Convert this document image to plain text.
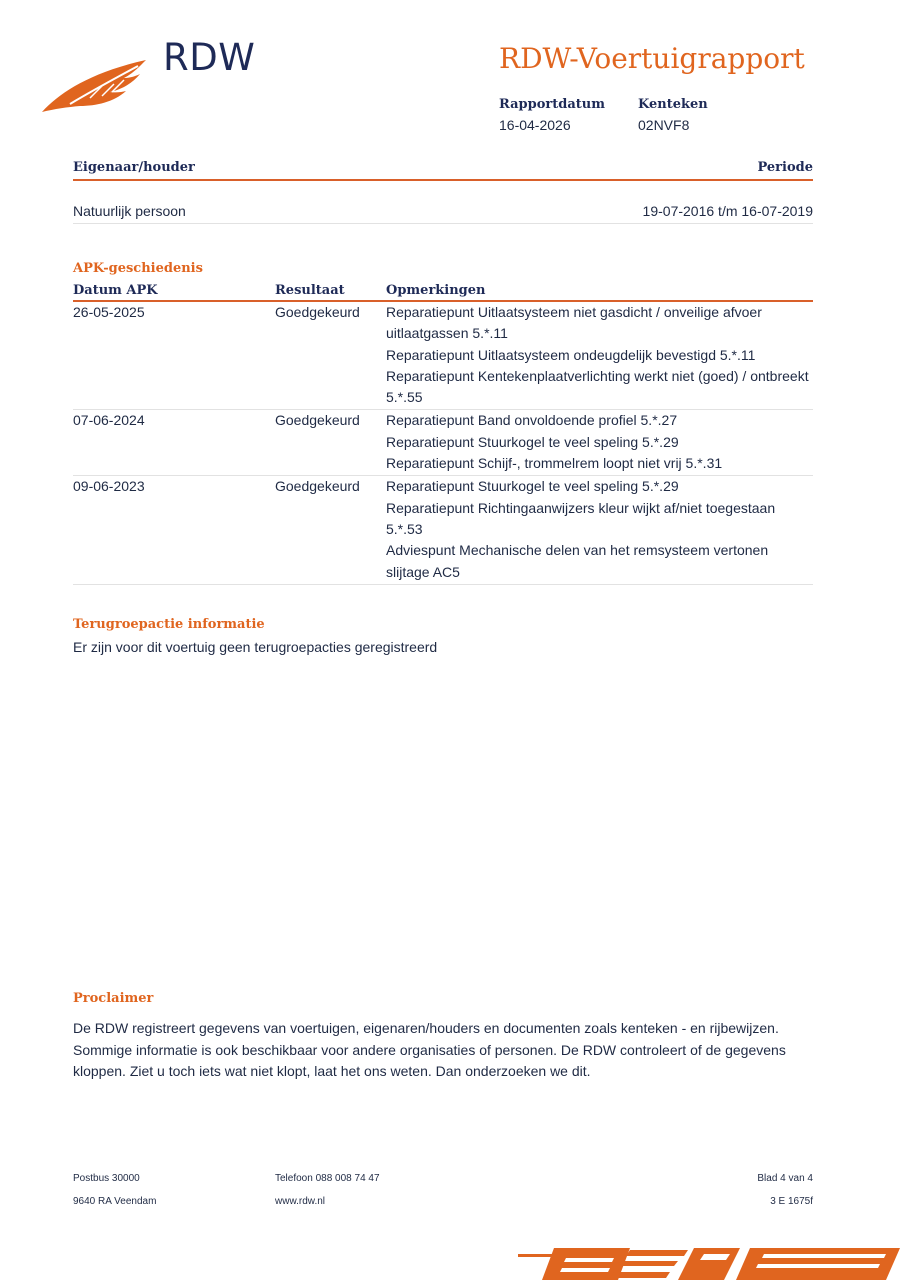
RDW	RDW-Voertuigrapport
Rapportdatum
16-04-2026
Kenteken
02NVF8
Eigenaar/houder	Periode
Natuurlijk persoon	19-07-2016 t/m 16-07-2019
APK-geschiedenis
Datum APK	Resultaat	Opmerkingen
26-05-2025	Goedgekeurd	Reparatiepunt Uitlaatsysteem niet gasdicht / onveilige afvoer uitlaatgassen 5.*.11
Reparatiepunt Uitlaatsysteem ondeugdelijk bevestigd 5.*.11
Reparatiepunt Kentekenplaatverlichting werkt niet (goed) / ontbreekt 5.*.55
07-06-2024	Goedgekeurd	Reparatiepunt Band onvoldoende profiel 5.*.27
Reparatiepunt Stuurkogel te veel speling 5.*.29
Reparatiepunt Schijf-, trommelrem loopt niet vrij 5.*.31
09-06-2023	Goedgekeurd	Reparatiepunt Stuurkogel te veel speling 5.*.29
Reparatiepunt Richtingaanwijzers kleur wijkt af/niet toegestaan 5.*.53
Adviespunt Mechanische delen van het remsysteem vertonen slijtage AC5
Terugroepactie informatie
Er zijn voor dit voertuig geen terugroepacties geregistreerd
Proclaimer
De RDW registreert gegevens van voertuigen, eigenaren/houders en documenten zoals kenteken - en rijbewijzen. Sommige informatie is ook beschikbaar voor andere organisaties of personen. De RDW controleert of de gegevens kloppen. Ziet u toch iets wat niet klopt, laat het ons weten. Dan onderzoeken we dit.
Postbus 30000
9640 RA Veendam
Telefoon 088 008 74 47
www.rdw.nl
Blad 4 van 4
3 E 1675f
